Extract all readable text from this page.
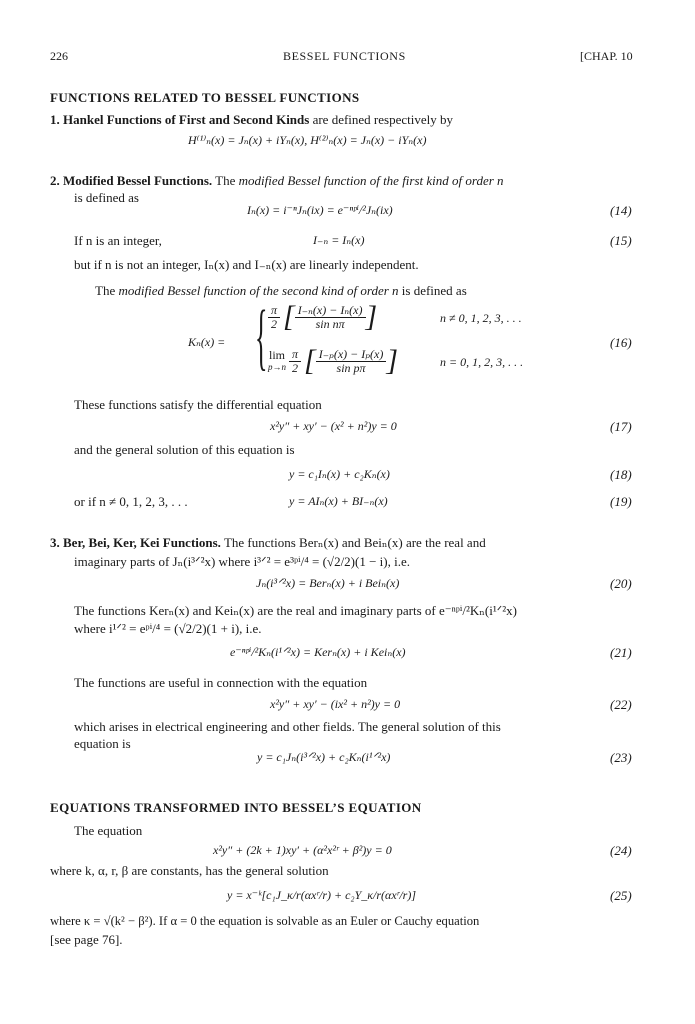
226	BESSEL FUNCTIONS	[CHAP. 10
FUNCTIONS RELATED TO BESSEL FUNCTIONS
1. Hankel Functions of First and Second Kinds are defined respectively by
H⁽¹⁾ₙ(x) = Jₙ(x) + iYₙ(x), H⁽²⁾ₙ(x) = Jₙ(x) − iYₙ(x)
2. Modified Bessel Functions. The modified Bessel function of the first kind of order n
is defined as
Iₙ(x) = i⁻ⁿJₙ(ix) = e⁻ⁿᵖⁱ/²Jₙ(ix)	(14)
If n is an integer,	I₋ₙ = Iₙ(x)	(15)
but if n is not an integer, Iₙ(x) and I₋ₙ(x) are linearly independent.
The modified Bessel function of the second kind of order n is defined as
Kₙ(x) = { $\frac{\pi}{2}$ [ $\frac{\text{I₋ₙ(x) − Iₙ(x)}}{\text{sin nπ}}$ ]	n ≠ 0, 1, 2, 3, . . .
lim
p→n
$\frac{\pi}{2}$ [ $\frac{\text{I₋ₚ(x) − Iₚ(x)}}{\text{sin pπ}}$ ]	n = 0, 1, 2, 3, . . .
(16)
These functions satisfy the differential equation
x²y″ + xy′ − (x² + n²)y = 0	(17)
and the general solution of this equation is
y = c₁Iₙ(x) + c₂Kₙ(x)	(18)
or if n ≠ 0, 1, 2, 3, . . .	y = AIₙ(x) + BI₋ₙ(x)	(19)
3. Ber, Bei, Ker, Kei Functions. The functions Berₙ(x) and Beiₙ(x) are the real and
imaginary parts of Jₙ(i³ᐟ²x) where i³ᐟ² = e³ᵖⁱ/⁴ = (√2/2)(1 − i), i.e.
Jₙ(i³ᐟ²x) = Berₙ(x) + i Beiₙ(x)	(20)
The functions Kerₙ(x) and Keiₙ(x) are the real and imaginary parts of e⁻ⁿᵖⁱ/²Kₙ(i¹ᐟ²x)
where i¹ᐟ² = eᵖⁱ/⁴ = (√2/2)(1 + i), i.e.
e⁻ⁿᵖⁱ/²Kₙ(i¹ᐟ²x) = Kerₙ(x) + i Keiₙ(x)	(21)
The functions are useful in connection with the equation
x²y″ + xy′ − (ix² + n²)y = 0	(22)
which arises in electrical engineering and other fields. The general solution of this
equation is
y = c₁Jₙ(i³ᐟ²x) + c₂Kₙ(i¹ᐟ²x)	(23)
EQUATIONS TRANSFORMED INTO BESSEL’S EQUATION
The equation
x²y″ + (2k + 1)xy′ + (α²x²ʳ + β²)y = 0	(24)
where k, α, r, β are constants, has the general solution
y = x⁻ᵏ[c₁J_κ/r(αxʳ/r) + c₂Y_κ/r(αxʳ/r)]	(25)
where κ = √(k² − β²). If α = 0 the equation is solvable as an Euler or Cauchy equation
[see page 76].
